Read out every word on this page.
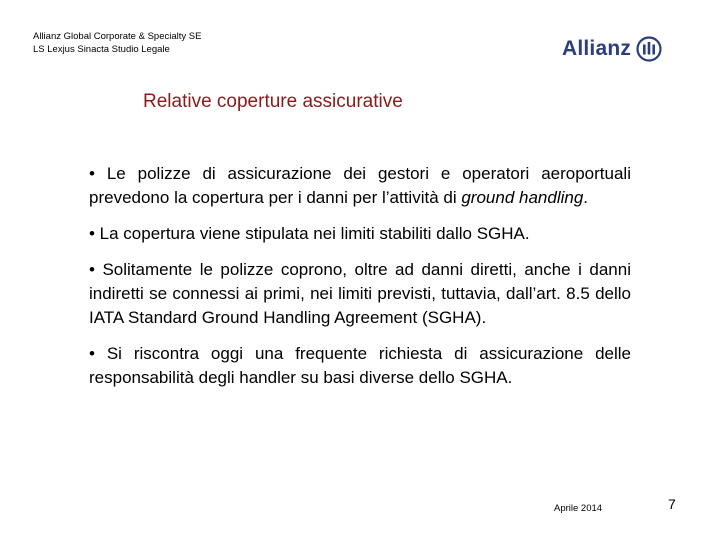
Allianz Global Corporate & Specialty SE
LS Lexjus Sinacta Studio Legale	Allianz
Relative coperture assicurative

• Le polizze di assicurazione dei gestori e operatori aeroportuali prevedono la copertura per i danni per l’attività di ground handling.

• La copertura viene stipulata nei limiti stabiliti dallo SGHA.

• Solitamente le polizze coprono, oltre ad danni diretti, anche i danni indiretti se connessi ai primi, nei limiti previsti, tuttavia, dall’art. 8.5 dello IATA Standard Ground Handling Agreement (SGHA).

• Si riscontra oggi una frequente richiesta di assicurazione delle responsabilità degli handler su basi diverse dello SGHA.

Aprile 2014	7
